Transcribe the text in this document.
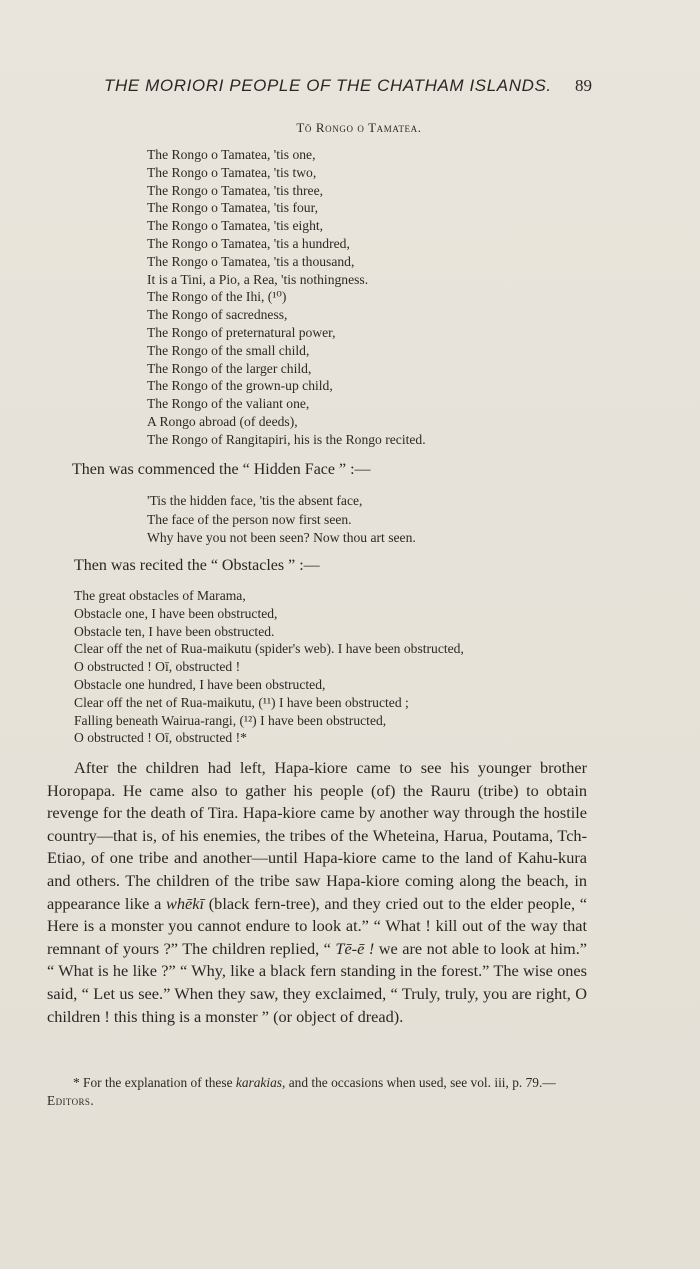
THE MORIORI PEOPLE OF THE CHATHAM ISLANDS. 89
Tō Rongo o Tamatea.
The Rongo o Tamatea, 'tis one,
The Rongo o Tamatea, 'tis two,
The Rongo o Tamatea, 'tis three,
The Rongo o Tamatea, 'tis four,
The Rongo o Tamatea, 'tis eight,
The Rongo o Tamatea, 'tis a hundred,
The Rongo o Tamatea, 'tis a thousand,
It is a Tini, a Pio, a Rea, 'tis nothingness.
The Rongo of the Ihi, (¹⁰)
The Rongo of sacredness,
The Rongo of preternatural power,
The Rongo of the small child,
The Rongo of the larger child,
The Rongo of the grown-up child,
The Rongo of the valiant one,
A Rongo abroad (of deeds),
The Rongo of Rangitapiri, his is the Rongo recited.
Then was commenced the “ Hidden Face ” :—
'Tis the hidden face, 'tis the absent face,
The face of the person now first seen.
Why have you not been seen? Now thou art seen.
Then was recited the “ Obstacles ” :—
The great obstacles of Marama,
Obstacle one, I have been obstructed,
Obstacle ten, I have been obstructed.
Clear off the net of Rua-maikutu (spider's web). I have been obstructed,
O obstructed ! Oī, obstructed !
Obstacle one hundred, I have been obstructed,
Clear off the net of Rua-maikutu, (¹¹) I have been obstructed ;
Falling beneath Wairua-rangi, (¹²) I have been obstructed,
O obstructed ! Oī, obstructed !*

After the children had left, Hapa-kiore came to see his younger brother Horopapa. He came also to gather his people (of) the Rauru (tribe) to obtain revenge for the death of Tira. Hapa-kiore came by another way through the hostile country—that is, of his enemies, the tribes of the Wheteina, Harua, Poutama, Tch-Etiao, of one tribe and another—until Hapa-kiore came to the land of Kahu-kura and others. The children of the tribe saw Hapa-kiore coming along the beach, in appearance like a whēkī (black fern-tree), and they cried out to the elder people, “ Here is a monster you cannot endure to look at.” “ What ! kill out of the way that remnant of yours ?” The children replied, “ Tē-ē ! we are not able to look at him.” “ What is he like ?” “ Why, like a black fern standing in the forest.” The wise ones said, “ Let us see.” When they saw, they exclaimed, “ Truly, truly, you are right, O children ! this thing is a monster ” (or object of dread).

* For the explanation of these karakias, and the occasions when used, see vol. iii, p. 79.—Editors.
